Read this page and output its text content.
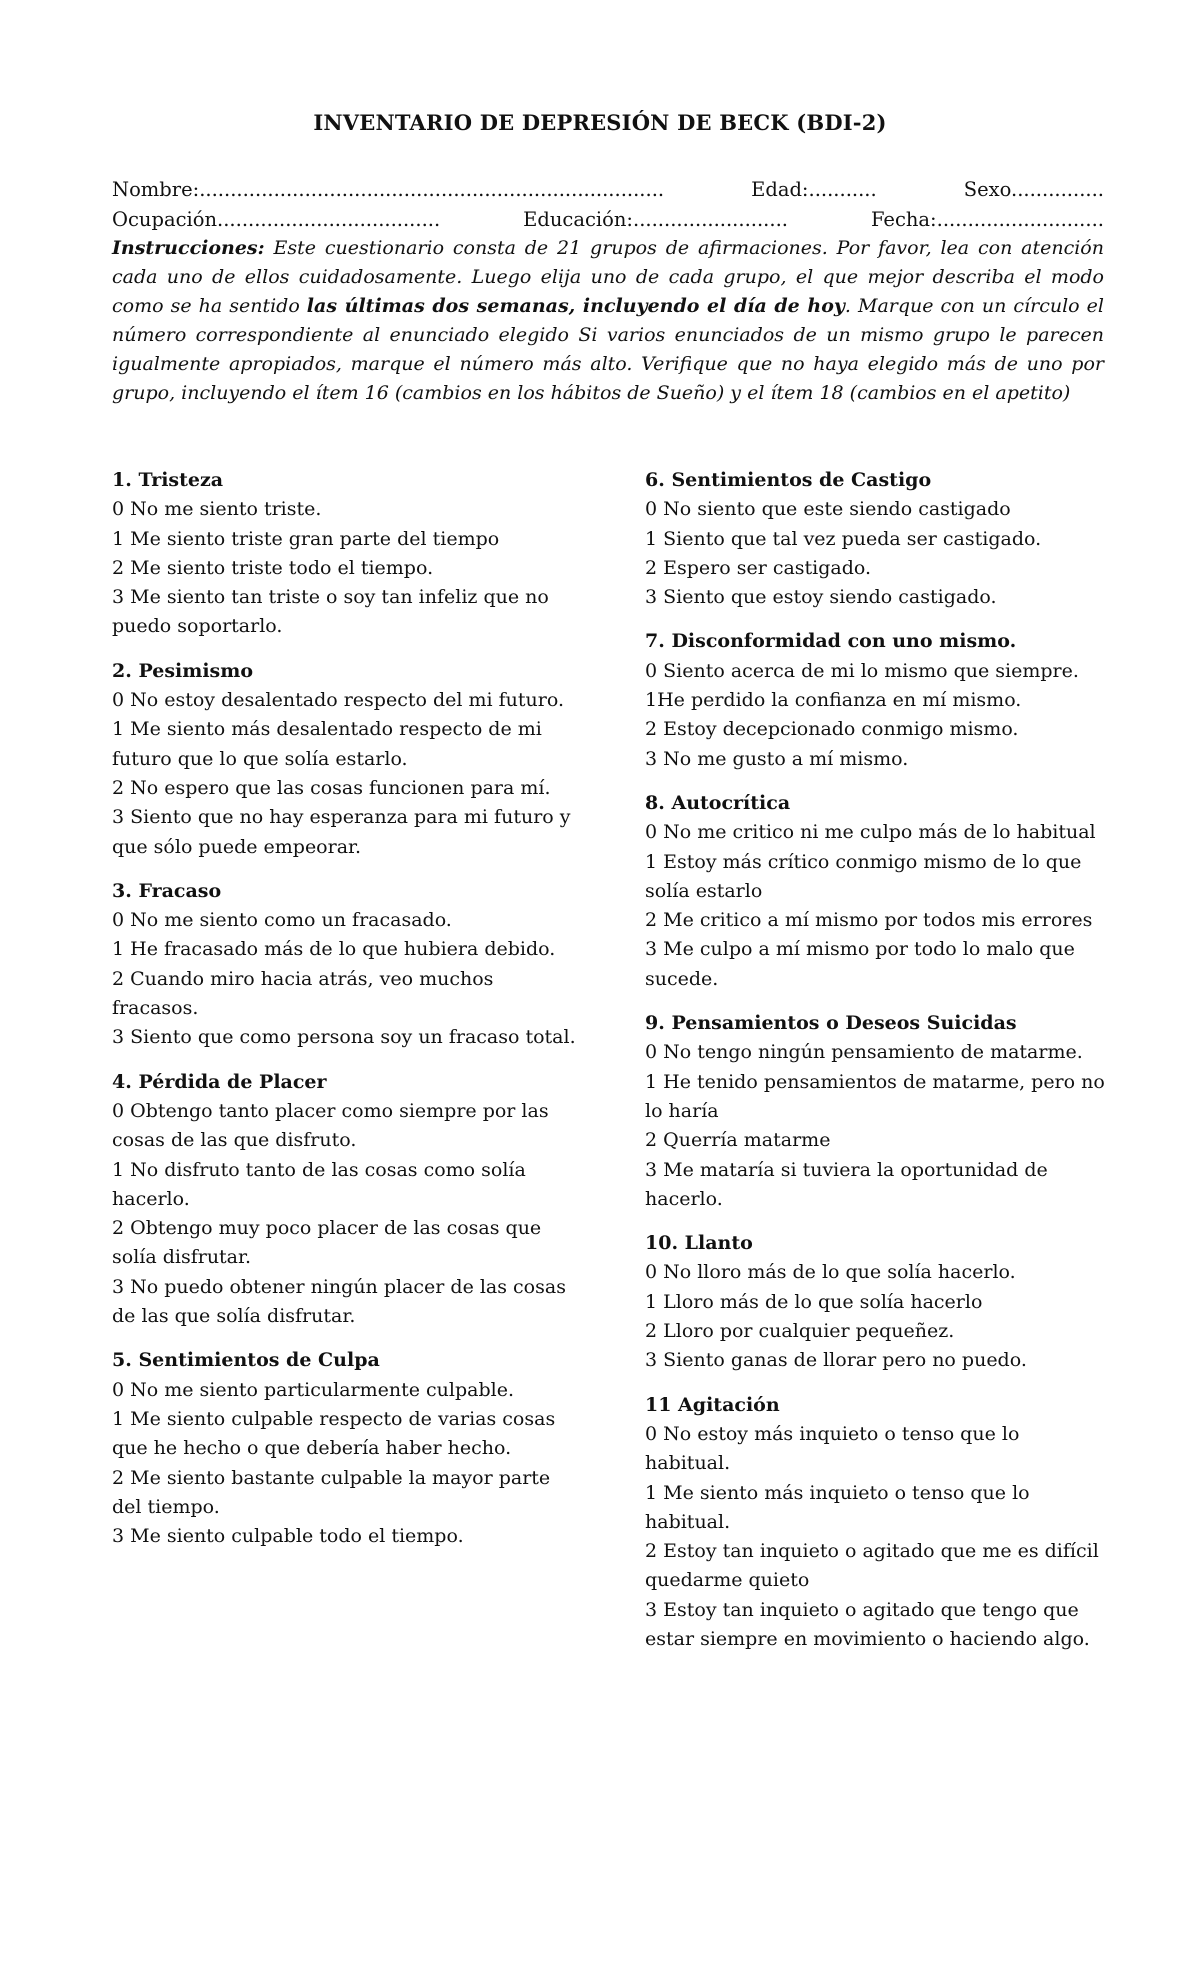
INVENTARIO DE DEPRESIÓN DE BECK (BDI-2)
Nombre:...........................................................................	Edad:...........	Sexo...............
Ocupación....................................	Educación:.........................	Fecha:...........................
Instrucciones: Este cuestionario consta de 21 grupos de afirmaciones. Por favor, lea con atención cada uno de ellos cuidadosamente. Luego elija uno de cada grupo, el que mejor describa el modo como se ha sentido las últimas dos semanas, incluyendo el día de hoy. Marque con un círculo el número correspondiente al enunciado elegido Si varios enunciados de un mismo grupo le parecen igualmente apropiados, marque el número más alto. Verifique que no haya elegido más de uno por grupo, incluyendo el ítem 16 (cambios en los hábitos de Sueño) y el ítem 18 (cambios en el apetito)
1. Tristeza
0 No me siento triste.
1 Me siento triste gran parte del tiempo
2 Me siento triste todo el tiempo.
3 Me siento tan triste o soy tan infeliz que no puedo soportarlo.
2. Pesimismo
0 No estoy desalentado respecto del mi futuro.
1 Me siento más desalentado respecto de mi futuro que lo que solía estarlo.
2 No espero que las cosas funcionen para mí.
3 Siento que no hay esperanza para mi futuro y que sólo puede empeorar.
3. Fracaso
0 No me siento como un fracasado.
1 He fracasado más de lo que hubiera debido.
2 Cuando miro hacia atrás, veo muchos fracasos.
3 Siento que como persona soy un fracaso total.
4. Pérdida de Placer
0 Obtengo tanto placer como siempre por las cosas de las que disfruto.
1 No disfruto tanto de las cosas como solía hacerlo.
2 Obtengo muy poco placer de las cosas que solía disfrutar.
3 No puedo obtener ningún placer de las cosas de las que solía disfrutar.
5. Sentimientos de Culpa
0 No me siento particularmente culpable.
1 Me siento culpable respecto de varias cosas que he hecho o que debería haber hecho.
2 Me siento bastante culpable la mayor parte del tiempo.
3 Me siento culpable todo el tiempo.
6. Sentimientos de Castigo
0 No siento que este siendo castigado
1 Siento que tal vez pueda ser castigado.
2 Espero ser castigado.
3 Siento que estoy siendo castigado.
7. Disconformidad con uno mismo.
0 Siento acerca de mi lo mismo que siempre.
1He perdido la confianza en mí mismo.
2 Estoy decepcionado conmigo mismo.
3 No me gusto a mí mismo.
8. Autocrítica
0 No me critico ni me culpo más de lo habitual
1 Estoy más crítico conmigo mismo de lo que solía estarlo
2 Me critico a mí mismo por todos mis errores
3 Me culpo a mí mismo por todo lo malo que sucede.
9. Pensamientos o Deseos Suicidas
0 No tengo ningún pensamiento de matarme.
1 He tenido pensamientos de matarme, pero no lo haría
2 Querría matarme
3 Me mataría si tuviera la oportunidad de hacerlo.
10. Llanto
0 No lloro más de lo que solía hacerlo.
1 Lloro más de lo que solía hacerlo
2 Lloro por cualquier pequeñez.
3 Siento ganas de llorar pero no puedo.
11 Agitación
0 No estoy más inquieto o tenso que lo habitual.
1 Me siento más inquieto o tenso que lo habitual.
2 Estoy tan inquieto o agitado que me es difícil quedarme quieto
3 Estoy tan inquieto o agitado que tengo que estar siempre en movimiento o haciendo algo.
